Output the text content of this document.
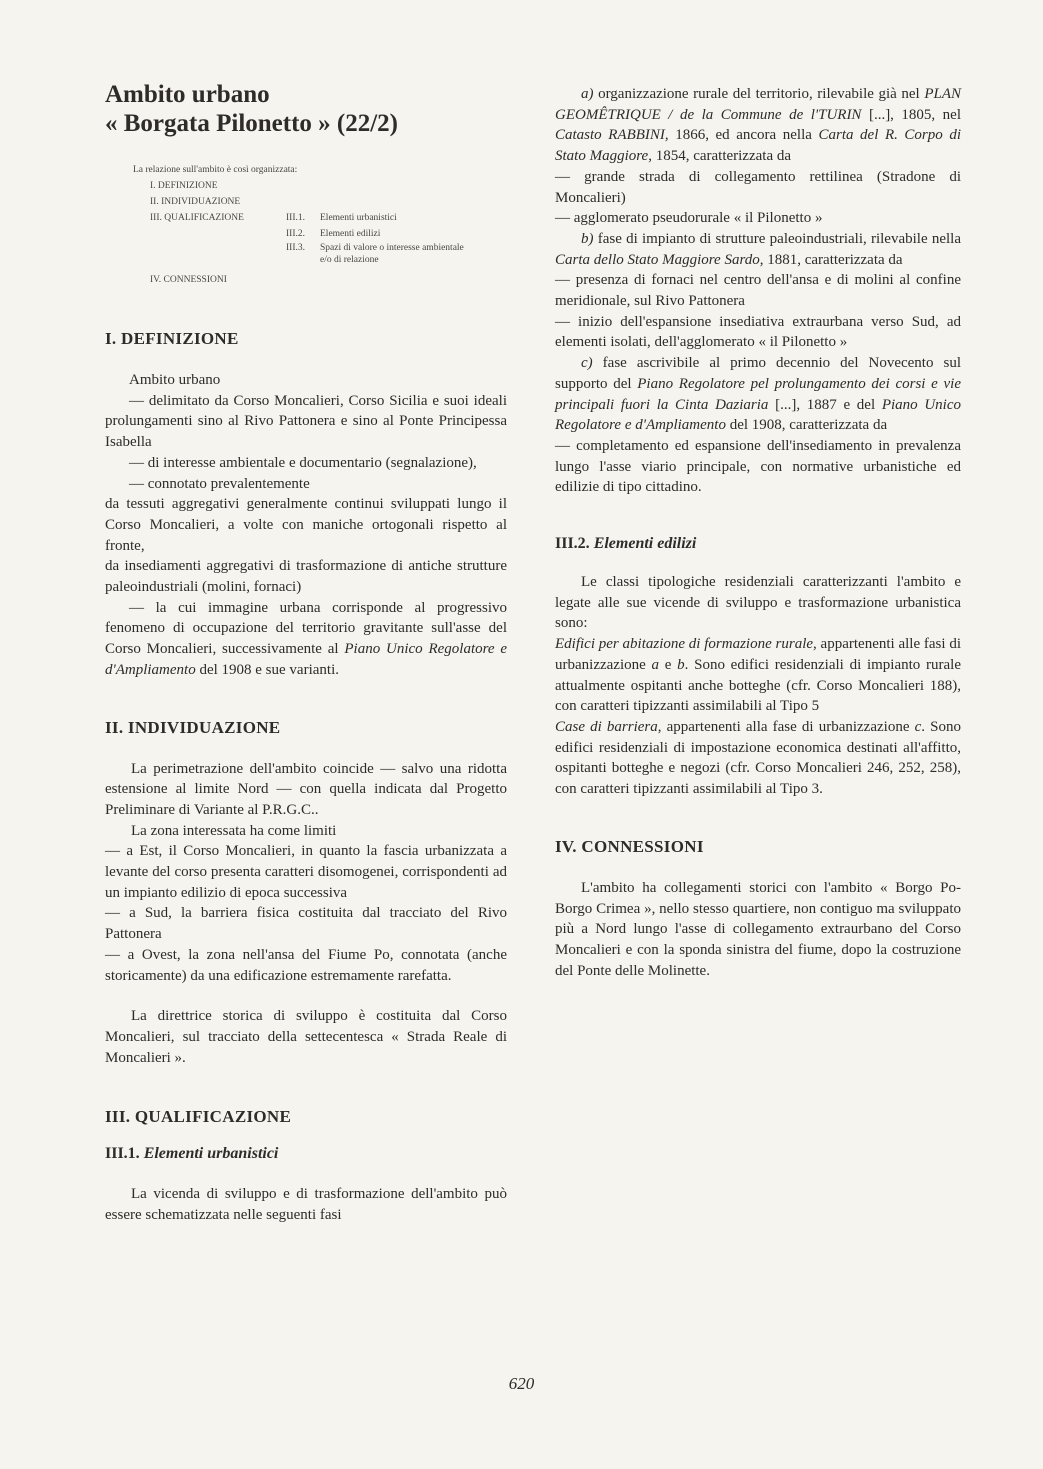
Ambito urbano
« Borgata Pilonetto » (22/2)
La relazione sull'ambito è così organizzata:
I. DEFINIZIONE
II. INDIVIDUAZIONE
III. QUALIFICAZIONE	III.1.	Elementi urbanistici
III.2.	Elementi edilizi
III.3.	Spazi di valore o interesse ambientale e/o di relazione
IV. CONNESSIONI
I. DEFINIZIONE

Ambito urbano

— delimitato da Corso Moncalieri, Corso Sicilia e suoi ideali prolungamenti sino al Rivo Pattonera e sino al Ponte Principessa Isabella

— di interesse ambientale e documentario (segnalazione),

— connotato prevalentemente

da tessuti aggregativi generalmente continui sviluppati lungo il Corso Moncalieri, a volte con maniche ortogonali rispetto al fronte,

da insediamenti aggregativi di trasformazione di antiche strutture paleoindustriali (molini, fornaci)

— la cui immagine urbana corrisponde al progressivo fenomeno di occupazione del territorio gravitante sull'asse del Corso Moncalieri, successivamente al Piano Unico Regolatore e d'Ampliamento del 1908 e sue varianti.

II. INDIVIDUAZIONE

La perimetrazione dell'ambito coincide — salvo una ridotta estensione al limite Nord — con quella indicata dal Progetto Preliminare di Variante al P.R.G.C..

La zona interessata ha come limiti

— a Est, il Corso Moncalieri, in quanto la fascia urbanizzata a levante del corso presenta caratteri disomogenei, corrispondenti ad un impianto edilizio di epoca successiva

— a Sud, la barriera fisica costituita dal tracciato del Rivo Pattonera

— a Ovest, la zona nell'ansa del Fiume Po, connotata (anche storicamente) da una edificazione estremamente rarefatta.

La direttrice storica di sviluppo è costituita dal Corso Moncalieri, sul tracciato della settecentesca « Strada Reale di Moncalieri ».

III. QUALIFICAZIONE
III.1. Elementi urbanistici

La vicenda di sviluppo e di trasformazione dell'ambito può essere schematizzata nelle seguenti fasi

a) organizzazione rurale del territorio, rilevabile già nel PLAN GEOMÊTRIQUE / de la Commune de l'TURIN [...], 1805, nel Catasto RABBINI, 1866, ed ancora nella Carta del R. Corpo di Stato Maggiore, 1854, caratterizzata da

— grande strada di collegamento rettilinea (Stradone di Moncalieri)

— agglomerato pseudorurale « il Pilonetto »

b) fase di impianto di strutture paleoindustriali, rilevabile nella Carta dello Stato Maggiore Sardo, 1881, caratterizzata da

— presenza di fornaci nel centro dell'ansa e di molini al confine meridionale, sul Rivo Pattonera

— inizio dell'espansione insediativa extraurbana verso Sud, ad elementi isolati, dell'agglomerato « il Pilonetto »

c) fase ascrivibile al primo decennio del Novecento sul supporto del Piano Regolatore pel prolungamento dei corsi e vie principali fuori la Cinta Daziaria [...], 1887 e del Piano Unico Regolatore e d'Ampliamento del 1908, caratterizzata da

— completamento ed espansione dell'insediamento in prevalenza lungo l'asse viario principale, con normative urbanistiche ed edilizie di tipo cittadino.

III.2. Elementi edilizi

Le classi tipologiche residenziali caratterizzanti l'ambito e legate alle sue vicende di sviluppo e trasformazione urbanistica sono:

Edifici per abitazione di formazione rurale, appartenenti alle fasi di urbanizzazione a e b. Sono edifici residenziali di impianto rurale attualmente ospitanti anche botteghe (cfr. Corso Moncalieri 188), con caratteri tipizzanti assimilabili al Tipo 5

Case di barriera, appartenenti alla fase di urbanizzazione c. Sono edifici residenziali di impostazione economica destinati all'affitto, ospitanti botteghe e negozi (cfr. Corso Moncalieri 246, 252, 258), con caratteri tipizzanti assimilabili al Tipo 3.

IV. CONNESSIONI

L'ambito ha collegamenti storici con l'ambito « Borgo Po-Borgo Crimea », nello stesso quartiere, non contiguo ma sviluppato più a Nord lungo l'asse di collegamento extraurbano del Corso Moncalieri e con la sponda sinistra del fiume, dopo la costruzione del Ponte delle Molinette.

620
